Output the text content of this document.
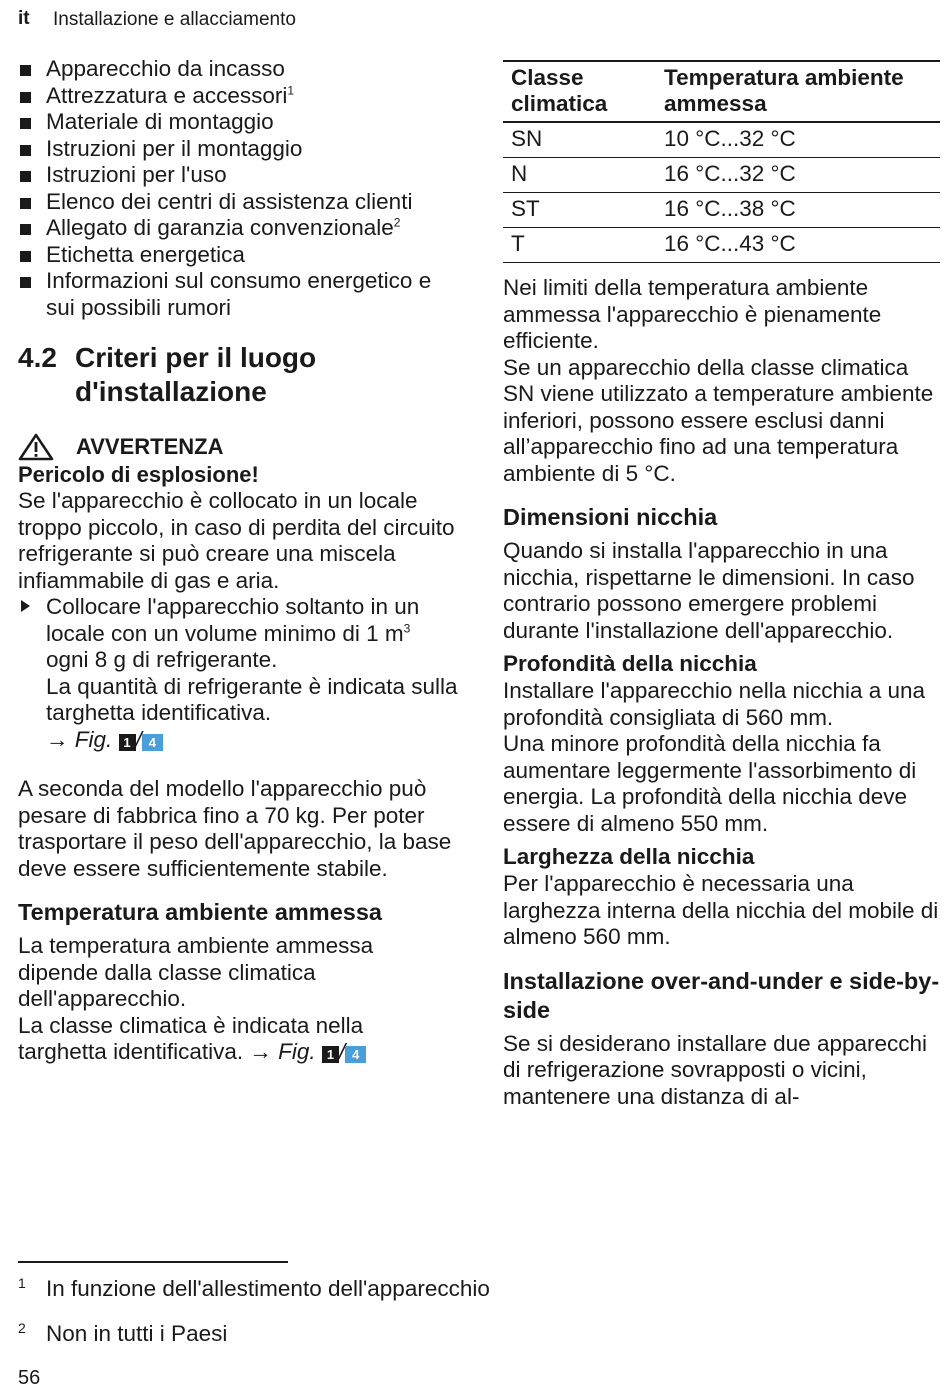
it Installazione e allacciamento
Apparecchio da incasso
Attrezzatura e accessori$^1$
Materiale di montaggio
Istruzioni per il montaggio
Istruzioni per l'uso
Elenco dei centri di assistenza clienti
Allegato di garanzia convenzionale$^2$
Etichetta energetica
Informazioni sul consumo energetico e sui possibili rumori
4.2 Criteri per il luogo d'installazione
AVVERTENZA
Pericolo di esplosione!
Se l'apparecchio è collocato in un locale troppo piccolo, in caso di perdita del circuito refrigerante si può creare una miscela infiammabile di gas e aria.
Collocare l'apparecchio soltanto in un locale con un volume minimo di 1 $m^3$ ogni 8 g di refrigerante.
La quantità di refrigerante è indicata sulla targhetta identificativa.
→ Fig. 1 / 4
A seconda del modello l'apparecchio può pesare di fabbrica fino a 70 kg. Per poter trasportare il peso dell'apparecchio, la base deve essere sufficientemente stabile.
Temperatura ambiente ammessa
La temperatura ambiente ammessa dipende dalla classe climatica dell'apparecchio.
La classe climatica è indicata nella targhetta identificativa. → Fig. 1 / 4
Classe climatica	Temperatura ambiente ammessa
SN	10 °C...32 °C
N	16 °C...32 °C
ST	16 °C...38 °C
T	16 °C...43 °C
Nei limiti della temperatura ambiente ammessa l'apparecchio è pienamente efficiente.
Se un apparecchio della classe climatica SN viene utilizzato a temperature ambiente inferiori, possono essere esclusi danni all’apparecchio fino ad una temperatura ambiente di 5 °C.
Dimensioni nicchia
Quando si installa l'apparecchio in una nicchia, rispettarne le dimensioni. In caso contrario possono emergere problemi durante l'installazione dell'apparecchio.
Profondità della nicchia
Installare l'apparecchio nella nicchia a una profondità consigliata di 560 mm.
Una minore profondità della nicchia fa aumentare leggermente l'assorbimento di energia. La profondità della nicchia deve essere di almeno 550 mm.
Larghezza della nicchia
Per l'apparecchio è necessaria una larghezza interna della nicchia del mobile di almeno 560 mm.
Installazione over-and-under e side-by-side
Se si desiderano installare due apparecchi di refrigerazione sovrapposti o vicini, mantenere una distanza di al-
1 In funzione dell'allestimento dell'apparecchio
2 Non in tutti i Paesi
56
